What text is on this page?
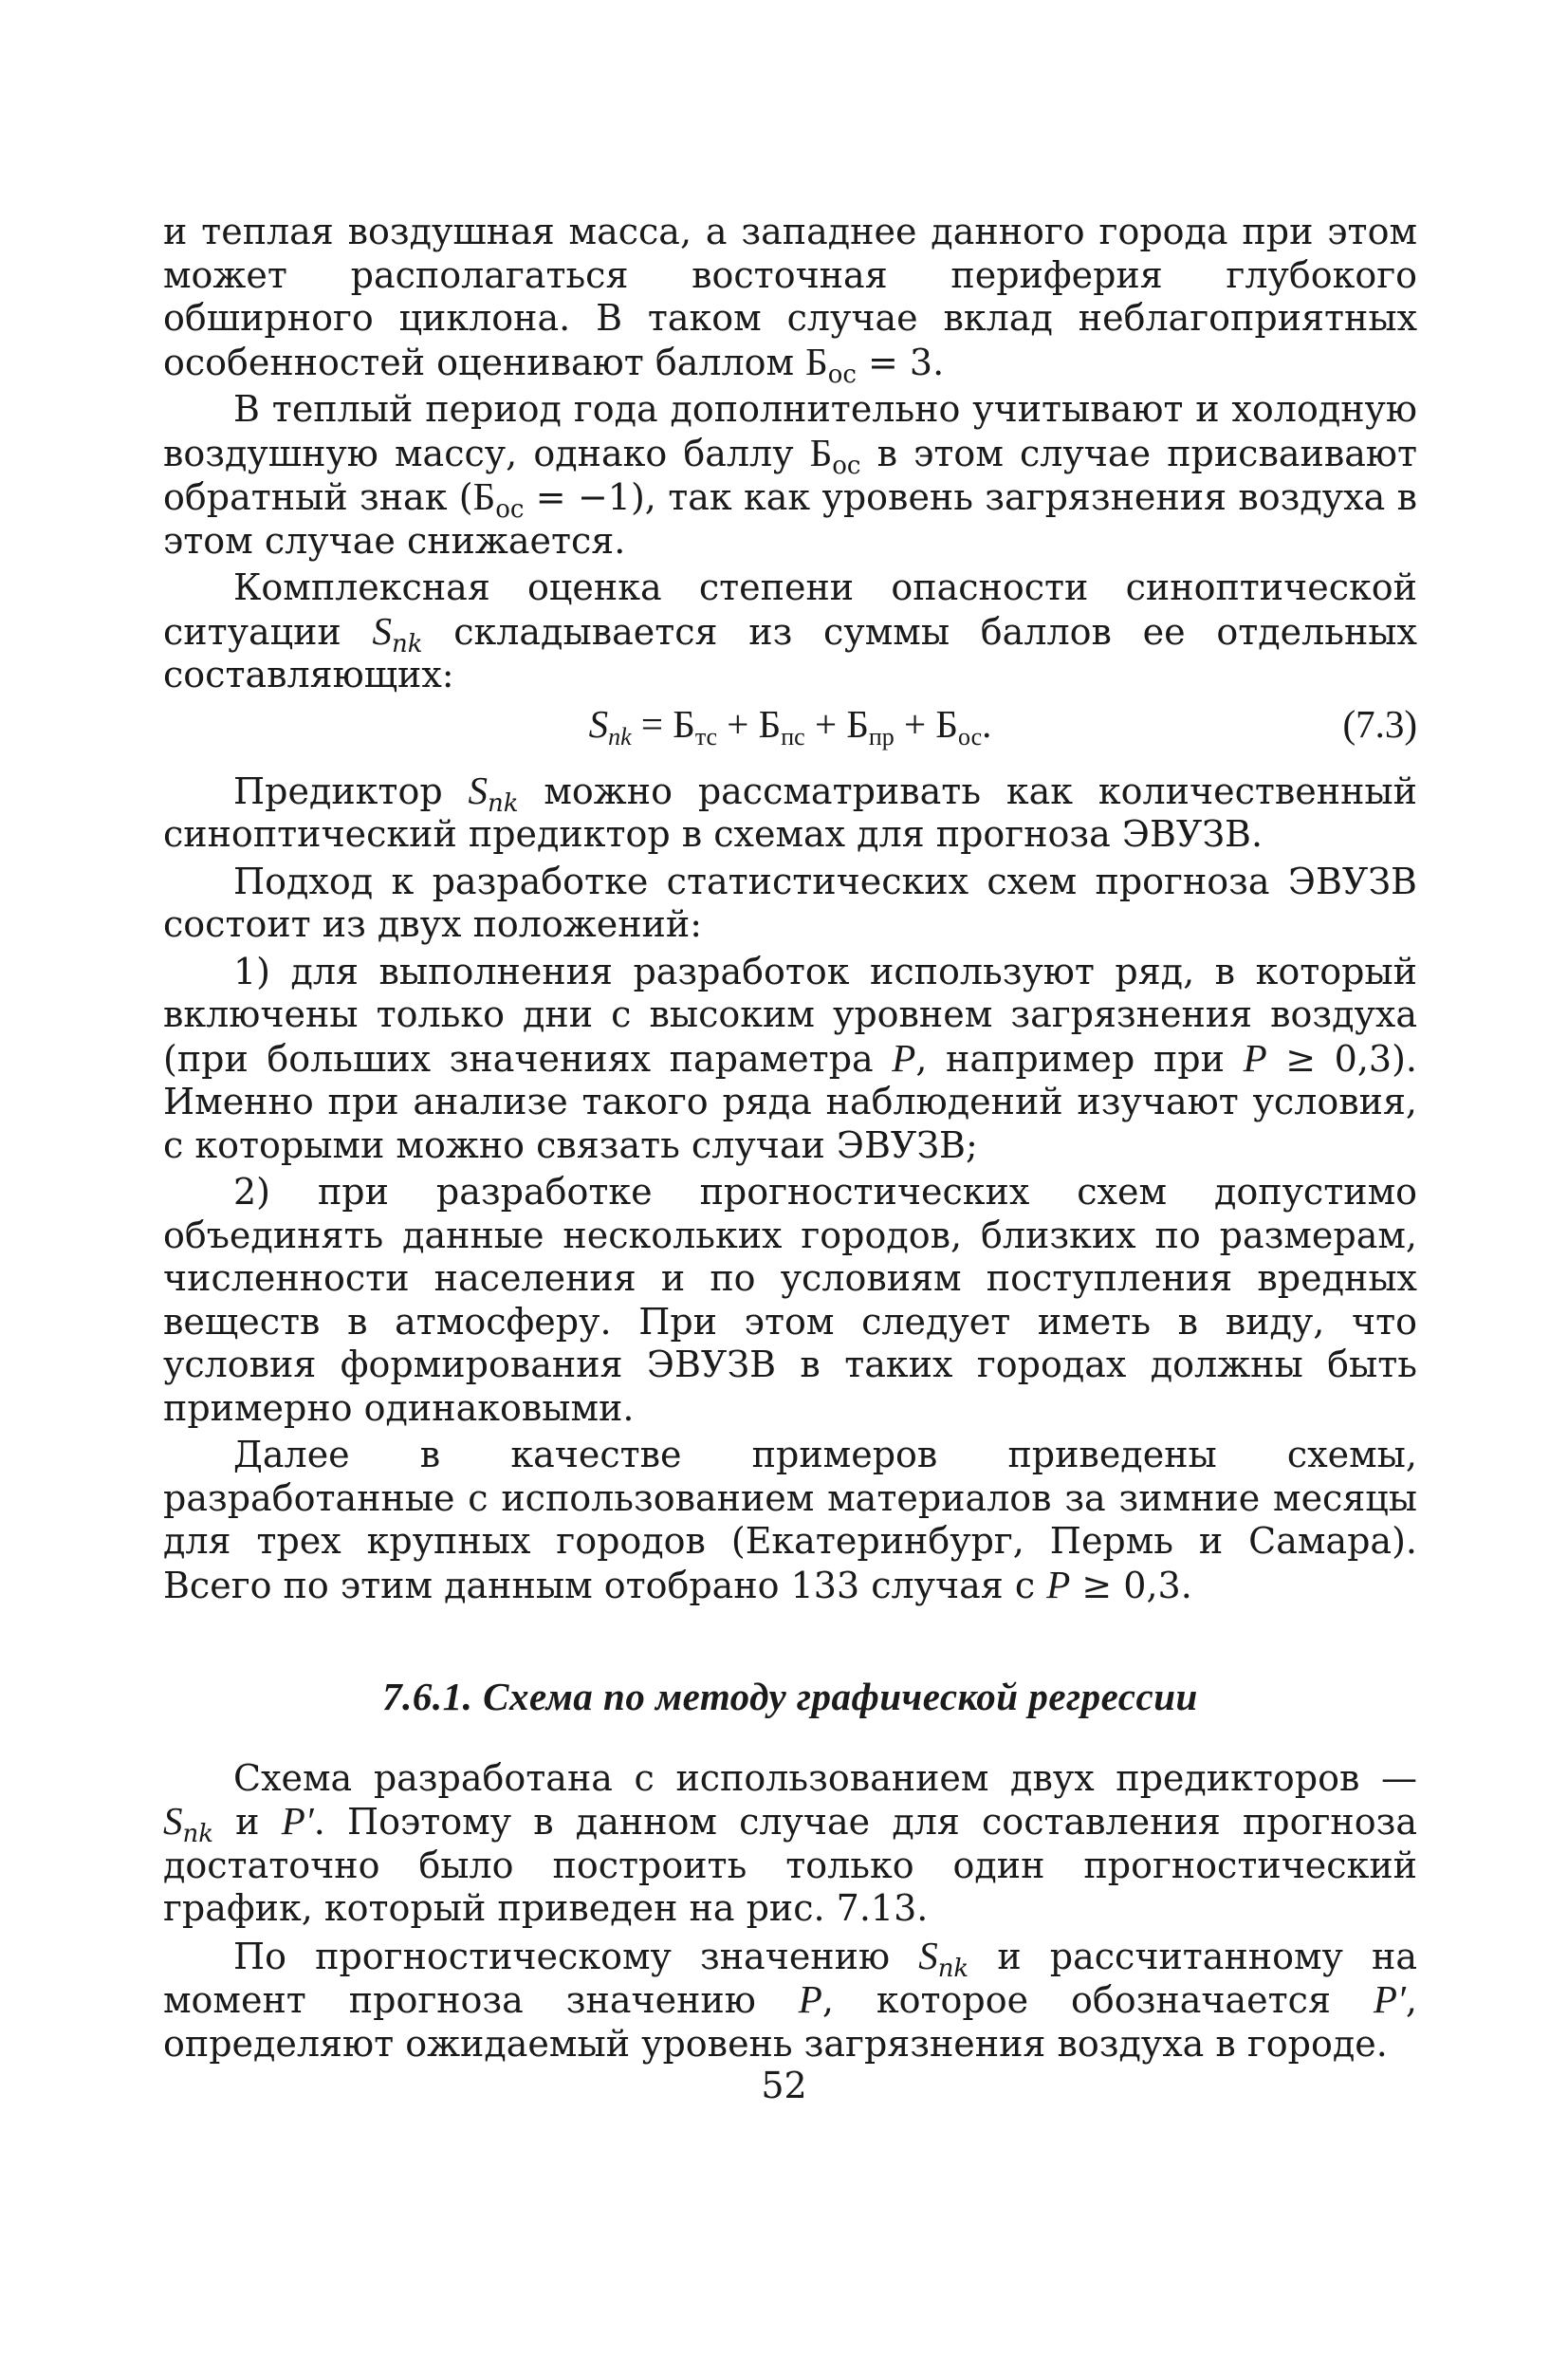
и теплая воздушная масса, а западнее данного города при этом может располагаться восточная периферия глубокого обширного циклона. В таком случае вклад неблагоприятных особенностей оценивают баллом $Б_{ос} = 3$.

В теплый период года дополнительно учитывают и холодную воздушную массу, однако баллу $Б_{ос}$ в этом случае присваивают обратный знак $(Б_{ос} = -1)$, так как уровень загрязнения воздуха в этом случае снижается.

Комплексная оценка степени опасности синоптической ситуации $S_{nk}$ складывается из суммы баллов ее отдельных составляющих:

$S_{nk} = Б_{тс} + Б_{пс} + Б_{пр} + Б_{ос}$.	(7.3)

Предиктор $S_{nk}$ можно рассматривать как количественный синоптический предиктор в схемах для прогноза ЭВУЗВ.

Подход к разработке статистических схем прогноза ЭВУЗВ состоит из двух положений:

1) для выполнения разработок используют ряд, в который включены только дни с высоким уровнем загрязнения воздуха (при больших значениях параметра P, например при P ≥ 0,3). Именно при анализе такого ряда наблюдений изучают условия, с которыми можно связать случаи ЭВУЗВ;

2) при разработке прогностических схем допустимо объединять данные нескольких городов, близких по размерам, численности населения и по условиям поступления вредных веществ в атмосферу. При этом следует иметь в виду, что условия формирования ЭВУЗВ в таких городах должны быть примерно одинаковыми.

Далее в качестве примеров приведены схемы, разработанные с использованием материалов за зимние месяцы для трех крупных городов (Екатеринбург, Пермь и Самара). Всего по этим данным отобрано 133 случая с P ≥ 0,3.

7.6.1. Схема по методу графической регрессии

Схема разработана с использованием двух предикторов — $S_{nk}$ и P′. Поэтому в данном случае для составления прогноза достаточно было построить только один прогностический график, который приведен на рис. 7.13.

По прогностическому значению $S_{nk}$ и рассчитанному на момент прогноза значению P, которое обозначается P′, определяют ожидаемый уровень загрязнения воздуха в городе.

52
